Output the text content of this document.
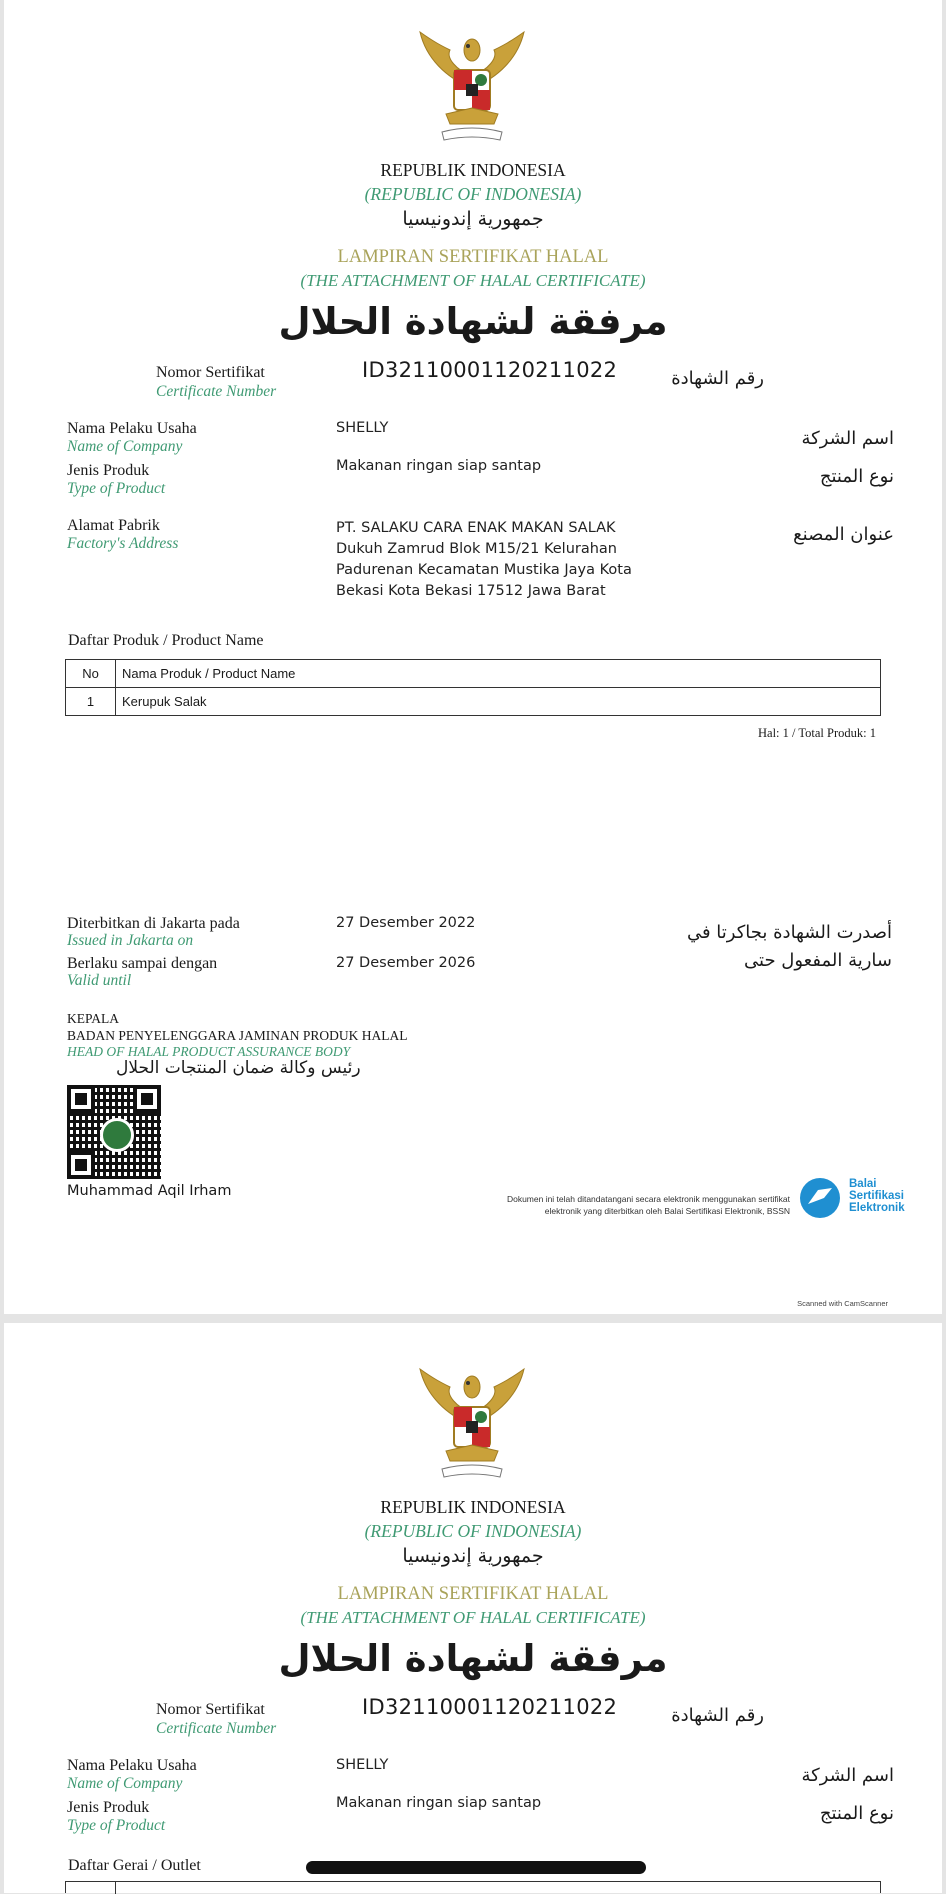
REPUBLIK INDONESIA
(REPUBLIC OF INDONESIA)
جمهورية إندونيسيا
LAMPIRAN SERTIFIKAT HALAL
(THE ATTACHMENT OF HALAL CERTIFICATE)
مرفقة لشهادة الحلال
Nomor Sertifikat
Certificate Number
ID32110001120211022	رقم الشهادة
Nama Pelaku Usaha
Name of Company
SHELLY	اسم الشركة
Jenis Produk
Type of Product
Makanan ringan siap santap	نوع المنتج
Alamat Pabrik
Factory's Address
PT. SALAKU CARA ENAK MAKAN SALAK
Dukuh Zamrud Blok M15/21 Kelurahan
Padurenan Kecamatan Mustika Jaya Kota
Bekasi Kota Bekasi 17512 Jawa Barat
عنوان المصنع
Daftar Produk / Product Name
No	Nama Produk / Product Name
1	Kerupuk Salak
Hal: 1 / Total Produk: 1
Diterbitkan di Jakarta pada
Issued in Jakarta on
27 Desember 2022	أصدرت الشهادة بجاكرتا في
Berlaku sampai dengan
Valid until
27 Desember 2026	سارية المفعول حتى
KEPALA
BADAN PENYELENGGARA JAMINAN PRODUK HALAL
HEAD OF HALAL PRODUCT ASSURANCE BODY
رئيس وكالة ضمان المنتجات الحلال
Muhammad Aqil Irham	Dokumen ini telah ditandatangani secara elektronik menggunakan sertifikat
elektronik yang diterbitkan oleh Balai Sertifikasi Elektronik, BSSN
Balai
Sertifikasi
Elektronik
Scanned with CamScanner
REPUBLIK INDONESIA
(REPUBLIC OF INDONESIA)
جمهورية إندونيسيا
LAMPIRAN SERTIFIKAT HALAL
(THE ATTACHMENT OF HALAL CERTIFICATE)
مرفقة لشهادة الحلال
Nomor Sertifikat
Certificate Number
ID32110001120211022	رقم الشهادة
Nama Pelaku Usaha
Name of Company
SHELLY	اسم الشركة
Jenis Produk
Type of Product
Makanan ringan siap santap	نوع المنتج
Daftar Gerai / Outlet
